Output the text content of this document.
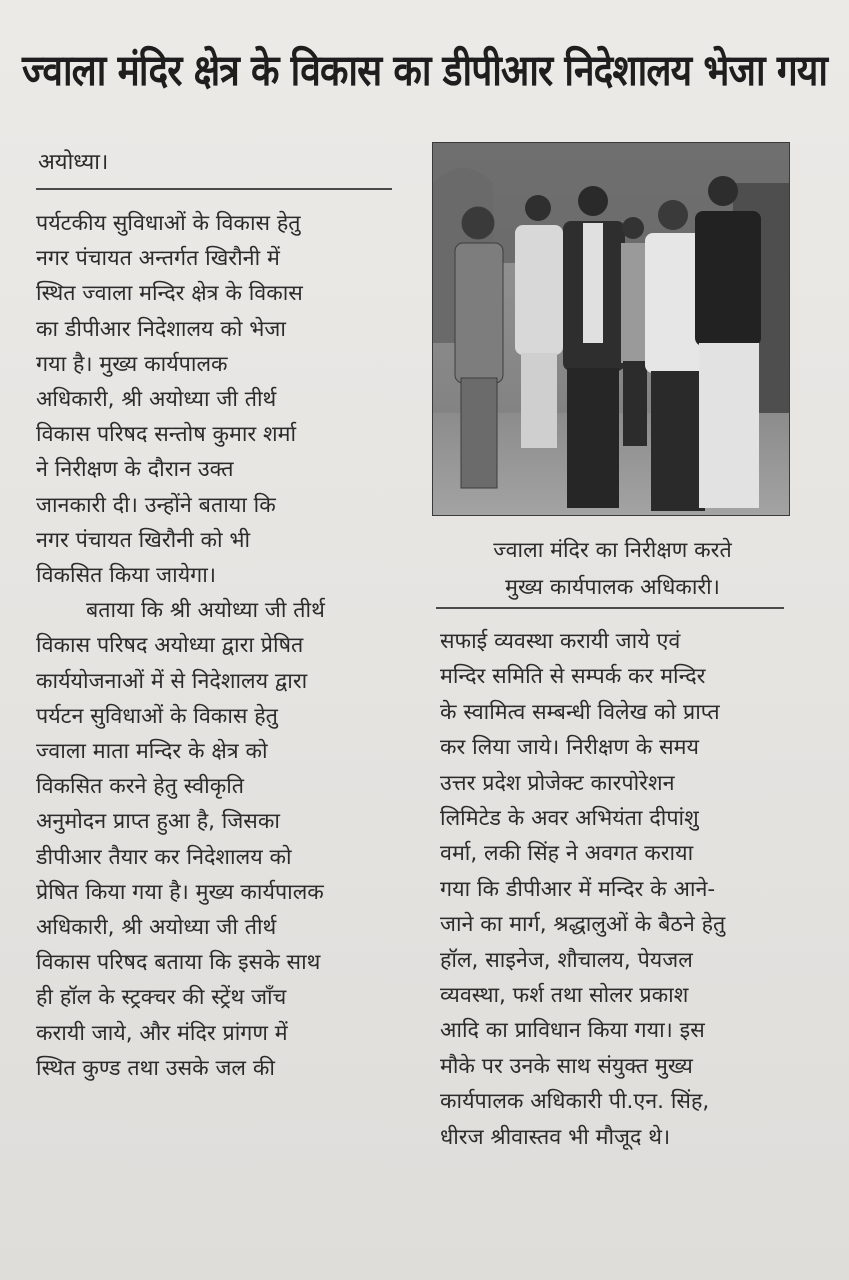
ज्वाला मंदिर क्षेत्र के विकास का डीपीआर निदेशालय भेजा गया
अयोध्या।
पर्यटकीय सुविधाओं के विकास हेतु
नगर पंचायत अन्तर्गत खिरौनी में
स्थित ज्वाला मन्दिर क्षेत्र के विकास
का डीपीआर निदेशालय को भेजा
गया है। मुख्य कार्यपालक
अधिकारी, श्री अयोध्या जी तीर्थ
विकास परिषद सन्तोष कुमार शर्मा
ने निरीक्षण के दौरान उक्त
जानकारी दी। उन्होंने बताया कि
नगर पंचायत खिरौनी को भी
विकसित किया जायेगा।
बताया कि श्री अयोध्या जी तीर्थ
विकास परिषद अयोध्या द्वारा प्रेषित
कार्ययोजनाओं में से निदेशालय द्वारा
पर्यटन सुविधाओं के विकास हेतु
ज्वाला माता मन्दिर के क्षेत्र को
विकसित करने हेतु स्वीकृति
अनुमोदन प्राप्त हुआ है, जिसका
डीपीआर तैयार कर निदेशालय को
प्रेषित किया गया है। मुख्य कार्यपालक
अधिकारी, श्री अयोध्या जी तीर्थ
विकास परिषद बताया कि इसके साथ
ही हॉल के स्ट्रक्चर की स्ट्रेंथ जाँच
करायी जाये, और मंदिर प्रांगण में
स्थित कुण्ड तथा उसके जल की
ज्वाला मंदिर का निरीक्षण करते
मुख्य कार्यपालक अधिकारी।
सफाई व्यवस्था करायी जाये एवं
मन्दिर समिति से सम्पर्क कर मन्दिर
के स्वामित्व सम्बन्धी विलेख को प्राप्त
कर लिया जाये। निरीक्षण के समय
उत्तर प्रदेश प्रोजेक्ट कारपोरेशन
लिमिटेड के अवर अभियंता दीपांशु
वर्मा, लकी सिंह ने अवगत कराया
गया कि डीपीआर में मन्दिर के आने-
जाने का मार्ग, श्रद्धालुओं के बैठने हेतु
हॉल, साइनेज, शौचालय, पेयजल
व्यवस्था, फर्श तथा सोलर प्रकाश
आदि का प्राविधान किया गया। इस
मौके पर उनके साथ संयुक्त मुख्य
कार्यपालक अधिकारी पी.एन. सिंह,
धीरज श्रीवास्तव भी मौजूद थे।
